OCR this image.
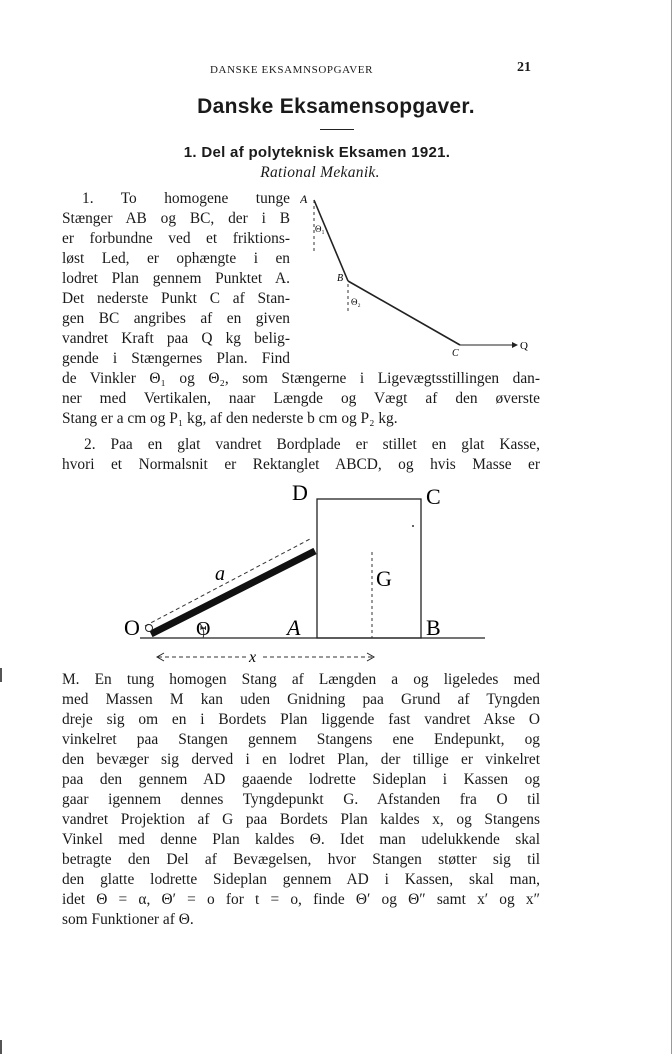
DANSKE EKSAMNSOPGAVER	21
Danske Eksamensopgaver.
1. Del af polyteknisk Eksamen 1921.
Rational Mekanik.
1. To homogene tunge
Stænger AB og BC, der i B
er forbundne ved et friktions-
løst Led, er ophængte i en
lodret Plan gennem Punktet A.
Det nederste Punkt C af Stan-
gen BC angribes af en given
vandret Kraft paa Q kg belig-
gende i Stængernes Plan. Find
de Vinkler Θ₁ og Θ₂, som Stængerne i Ligevægtsstillingen dan-
ner med Vertikalen, naar Længde og Vægt af den øverste
Stang er a cm og P₁ kg, af den nederste b cm og P₂ kg.
A
B
C
Q
Θ₁
Θ₂
2. Paa en glat vandret Bordplade er stillet en glat Kasse,
hvori et Normalsnit er Rektanglet ABCD, og hvis Masse er
D	C
G
a
O	Θ	A	B
x
M. En tung homogen Stang af Længden a og ligeledes med
med Massen M kan uden Gnidning paa Grund af Tyngden
dreje sig om en i Bordets Plan liggende fast vandret Akse O
vinkelret paa Stangen gennem Stangens ene Endepunkt, og
den bevæger sig derved i en lodret Plan, der tillige er vinkelret
paa den gennem AD gaaende lodrette Sideplan i Kassen og
gaar igennem dennes Tyngdepunkt G. Afstanden fra O til
vandret Projektion af G paa Bordets Plan kaldes x, og Stangens
Vinkel med denne Plan kaldes Θ. Idet man udelukkende skal
betragte den Del af Bevægelsen, hvor Stangen støtter sig til
den glatte lodrette Sideplan gennem AD i Kassen, skal man,
idet Θ = α, Θ′ = o for t = o, finde Θ′ og Θ″ samt x′ og x″
som Funktioner af Θ.
